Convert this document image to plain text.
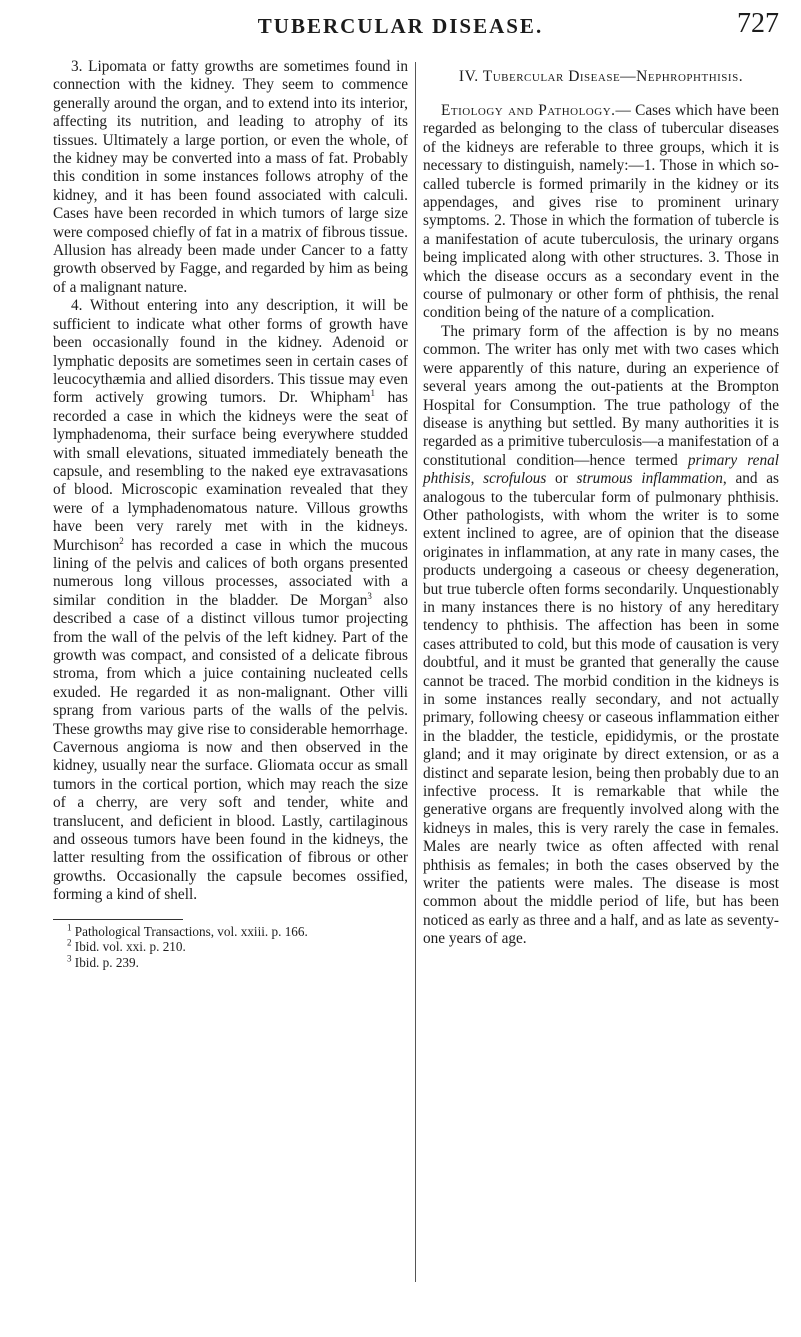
TUBERCULAR DISEASE.	727

3. Lipomata or fatty growths are sometimes found in connection with the kidney. They seem to commence generally around the organ, and to extend into its interior, affecting its nutrition, and leading to atrophy of its tissues. Ultimately a large portion, or even the whole, of the kidney may be converted into a mass of fat. Probably this condition in some instances follows atrophy of the kidney, and it has been found associated with calculi. Cases have been recorded in which tumors of large size were composed chiefly of fat in a matrix of fibrous tissue. Allusion has already been made under Cancer to a fatty growth observed by Fagge, and regarded by him as being of a malignant nature.

4. Without entering into any description, it will be sufficient to indicate what other forms of growth have been occasionally found in the kidney. Adenoid or lymphatic deposits are sometimes seen in certain cases of leucocythæmia and allied disorders. This tissue may even form actively growing tumors. Dr. Whipham$^1$ has recorded a case in which the kidneys were the seat of lymphadenoma, their surface being everywhere studded with small elevations, situated immediately beneath the capsule, and resembling to the naked eye extravasations of blood. Microscopic examination revealed that they were of a lymphadenomatous nature. Villous growths have been very rarely met with in the kidneys. Murchison$^2$ has recorded a case in which the mucous lining of the pelvis and calices of both organs presented numerous long villous processes, associated with a similar condition in the bladder. De Morgan$^3$ also described a case of a distinct villous tumor projecting from the wall of the pelvis of the left kidney. Part of the growth was compact, and consisted of a delicate fibrous stroma, from which a juice containing nucleated cells exuded. He regarded it as non-malignant. Other villi sprang from various parts of the walls of the pelvis. These growths may give rise to considerable hemorrhage. Cavernous angioma is now and then observed in the kidney, usually near the surface. Gliomata occur as small tumors in the cortical portion, which may reach the size of a cherry, are very soft and tender, white and translucent, and deficient in blood. Lastly, cartilaginous and osseous tumors have been found in the kidneys, the latter resulting from the ossification of fibrous or other growths. Occasionally the capsule becomes ossified, forming a kind of shell.

$^1$ Pathological Transactions, vol. xxiii. p. 166.

$^2$ Ibid. vol. xxi. p. 210.

$^3$ Ibid. p. 239.

IV. Tubercular Disease—Nephrophthisis.

Etiology and Pathology.— Cases which have been regarded as belonging to the class of tubercular diseases of the kidneys are referable to three groups, which it is necessary to distinguish, namely:—1. Those in which so-called tubercle is formed primarily in the kidney or its appendages, and gives rise to prominent urinary symptoms. 2. Those in which the formation of tubercle is a manifestation of acute tuberculosis, the urinary organs being implicated along with other structures. 3. Those in which the disease occurs as a secondary event in the course of pulmonary or other form of phthisis, the renal condition being of the nature of a complication.

The primary form of the affection is by no means common. The writer has only met with two cases which were apparently of this nature, during an experience of several years among the out-patients at the Brompton Hospital for Consumption. The true pathology of the disease is anything but settled. By many authorities it is regarded as a primitive tuberculosis—a manifestation of a constitutional condition—hence termed primary renal phthisis, scrofulous or strumous inflammation, and as analogous to the tubercular form of pulmonary phthisis. Other pathologists, with whom the writer is to some extent inclined to agree, are of opinion that the disease originates in inflammation, at any rate in many cases, the products undergoing a caseous or cheesy degeneration, but true tubercle often forms secondarily. Unquestionably in many instances there is no history of any hereditary tendency to phthisis. The affection has been in some cases attributed to cold, but this mode of causation is very doubtful, and it must be granted that generally the cause cannot be traced. The morbid condition in the kidneys is in some instances really secondary, and not actually primary, following cheesy or caseous inflammation either in the bladder, the testicle, epididymis, or the prostate gland; and it may originate by direct extension, or as a distinct and separate lesion, being then probably due to an infective process. It is remarkable that while the generative organs are frequently involved along with the kidneys in males, this is very rarely the case in females. Males are nearly twice as often affected with renal phthisis as females; in both the cases observed by the writer the patients were males. The disease is most common about the middle period of life, but has been noticed as early as three and a half, and as late as seventy-one years of age.
